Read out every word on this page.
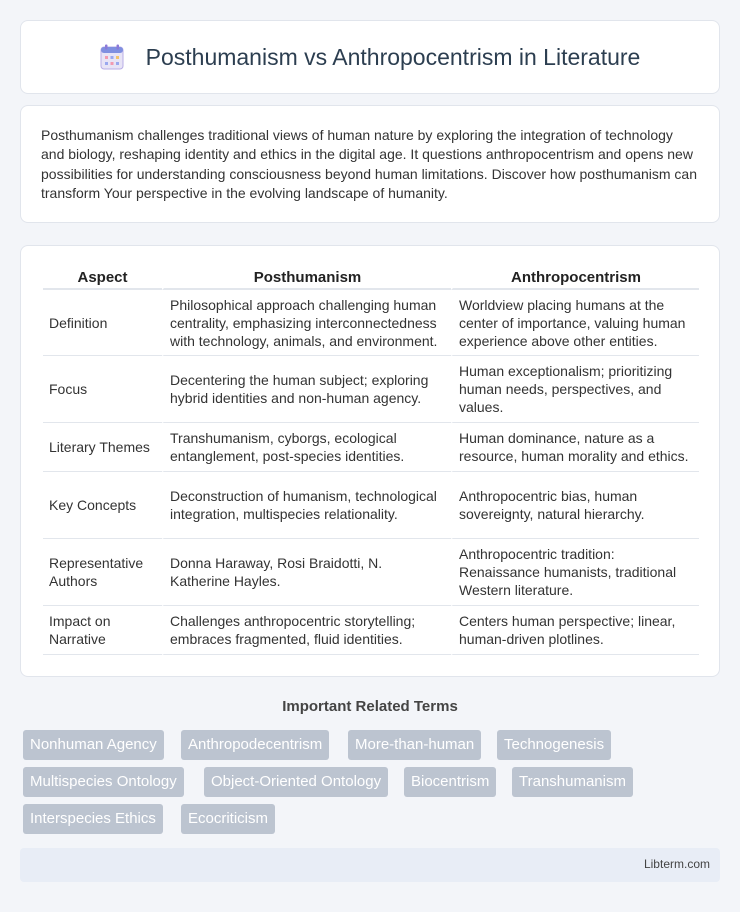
Posthumanism vs Anthropocentrism in Literature

Posthumanism challenges traditional views of human nature by exploring the integration of technology and biology, reshaping identity and ethics in the digital age. It questions anthropocentrism and opens new possibilities for understanding consciousness beyond human limitations. Discover how posthumanism can transform Your perspective in the evolving landscape of humanity.

Aspect	Posthumanism	Anthropocentrism
Definition	Philosophical approach challenging human centrality, emphasizing interconnectedness with technology, animals, and environment.	Worldview placing humans at the center of importance, valuing human experience above other entities.
Focus	Decentering the human subject; exploring hybrid identities and non-human agency.	Human exceptionalism; prioritizing human needs, perspectives, and values.
Literary Themes	Transhumanism, cyborgs, ecological entanglement, post-species identities.	Human dominance, nature as a resource, human morality and ethics.
Key Concepts	Deconstruction of humanism, technological integration, multispecies relationality.	Anthropocentric bias, human sovereignty, natural hierarchy.
Representative Authors	Donna Haraway, Rosi Braidotti, N. Katherine Hayles.	Anthropocentric tradition: Renaissance humanists, traditional Western literature.
Impact on Narrative	Challenges anthropocentric storytelling; embraces fragmented, fluid identities.	Centers human perspective; linear, human-driven plotlines.
Important Related Terms
Nonhuman Agency	Anthropodecentrism	More-than-human	Technogenesis
Multispecies Ontology	Object-Oriented Ontology	Biocentrism	Transhumanism
Interspecies Ethics	Ecocriticism
Libterm.com
